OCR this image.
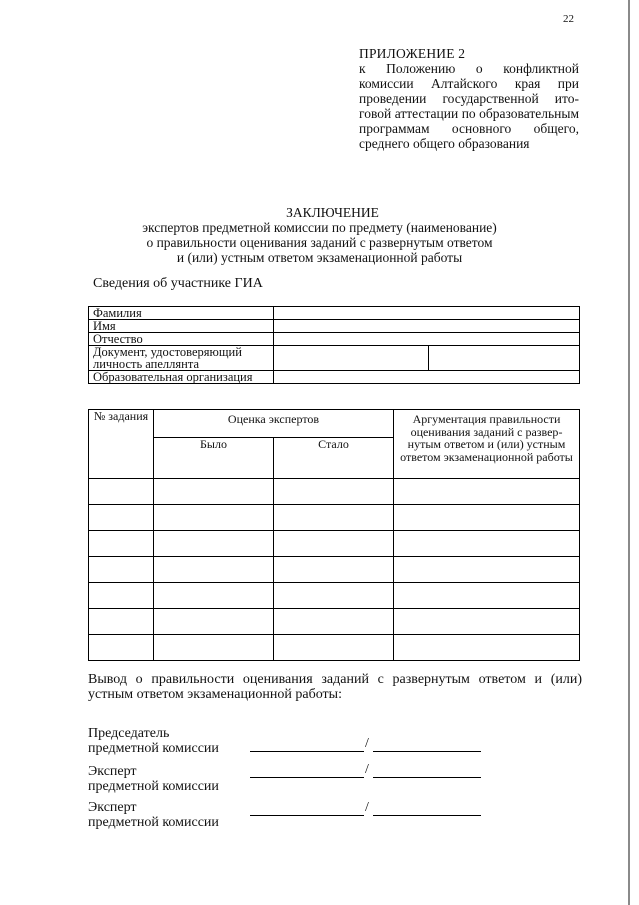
22
ПРИЛОЖЕНИЕ 2
к Положению о конфликтной комиссии Алтайского края при проведении государственной итоговой аттестации по образовательным программам основного общего, среднего общего образования
ЗАКЛЮЧЕНИЕ
экспертов предметной комиссии по предмету (наименование)
о правильности оценивания заданий с развернутым ответом
и (или) устным ответом экзаменационной работы
Сведения об участнике ГИА
Фамилия		
Имя		
Отчество		
Документ, удостоверяющий личность апеллянта		
Образовательная организация		
№ задания	Оценка экспертов		Аргументация правильности оценивания заданий с развернутым ответом и (или) устным ответом экзаменационной работы
	Было	Стало	

Вывод о правильности оценивания заданий с развернутым ответом и (или) устным ответом экзаменационной работы:
Председатель
предметной комиссии	/
Эксперт
предметной комиссии
/
Эксперт
предметной комиссии
/
